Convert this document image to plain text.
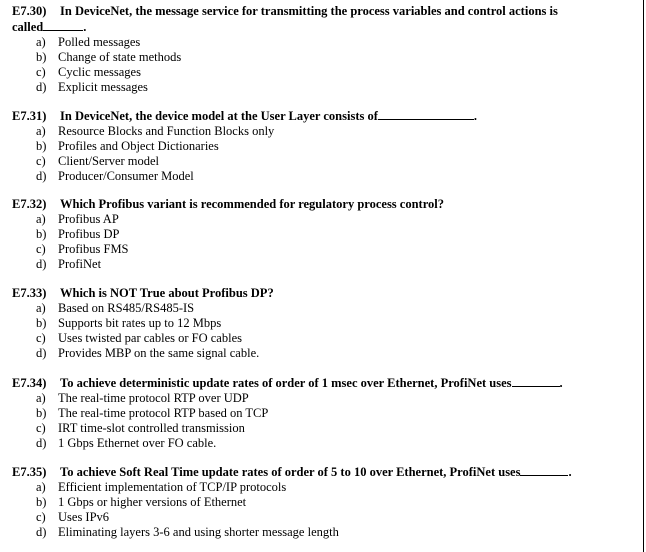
E7.30) In DeviceNet, the message service for transmitting the process variables and control actions is
called	.
a) Polled messages
b) Change of state methods
c) Cyclic messages
d) Explicit messages
E7.31) In DeviceNet, the device model at the User Layer consists of	.
a) Resource Blocks and Function Blocks only
b) Profiles and Object Dictionaries
c) Client/Server model
d) Producer/Consumer Model
E7.32) Which Profibus variant is recommended for regulatory process control?
a) Profibus AP
b) Profibus DP
c) Profibus FMS
d) ProfiNet
E7.33) Which is NOT True about Profibus DP?
a) Based on RS485/RS485-IS
b) Supports bit rates up to 12 Mbps
c) Uses twisted par cables or FO cables
d) Provides MBP on the same signal cable.
E7.34) To achieve deterministic update rates of order of 1 msec over Ethernet, ProfiNet uses	.
a) The real-time protocol RTP over UDP
b) The real-time protocol RTP based on TCP
c) IRT time-slot controlled transmission
d) 1 Gbps Ethernet over FO cable.
E7.35) To achieve Soft Real Time update rates of order of 5 to 10 over Ethernet, ProfiNet uses	.
a) Efficient implementation of TCP/IP protocols
b) 1 Gbps or higher versions of Ethernet
c) Uses IPv6
d) Eliminating layers 3-6 and using shorter message length
